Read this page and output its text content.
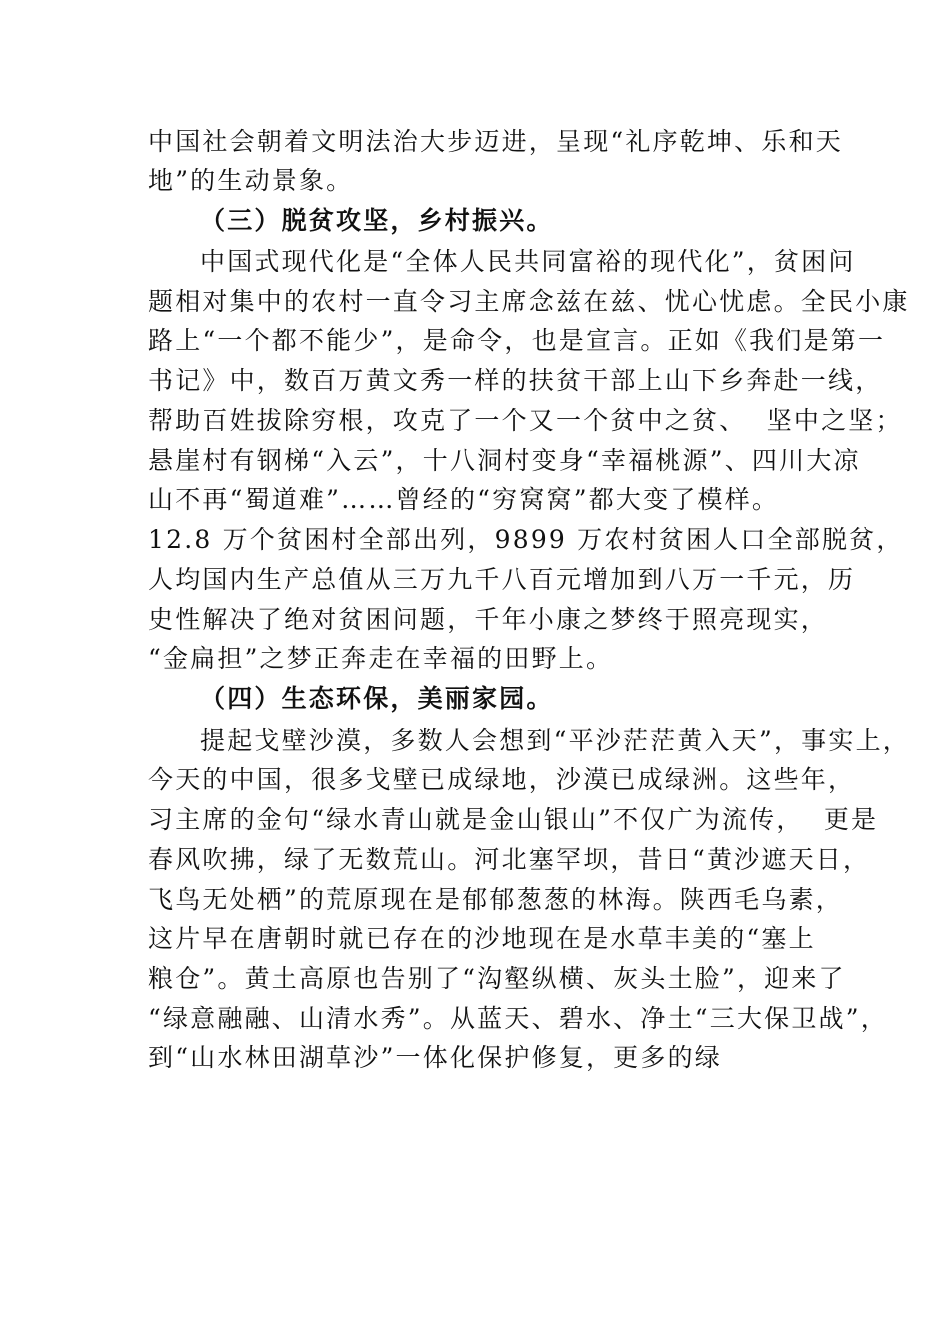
中国社会朝着文明法治大步迈进，呈现“礼序乾坤、乐和天
地”的生动景象。
（三）脱贫攻坚，乡村振兴。
中国式现代化是“全体人民共同富裕的现代化”，贫困问
题相对集中的农村一直令习主席念兹在兹、忧心忧虑。全民小康
路上“一个都不能少”，是命令，也是宣言。正如《我们是第一
书记》中，数百万黄文秀一样的扶贫干部上山下乡奔赴一线，
帮助百姓拔除穷根，攻克了一个又一个贫中之贫、  坚中之坚；
悬崖村有钢梯“入云”，十八洞村变身“幸福桃源”、四川大凉
山不再“蜀道难”……曾经的“穷窝窝”都大变了模样。
12.8 万个贫困村全部出列，9899 万农村贫困人口全部脱贫，
人均国内生产总值从三万九千八百元增加到八万一千元，历
史性解决了绝对贫困问题，千年小康之梦终于照亮现实，
“金扁担”之梦正奔走在幸福的田野上。
（四）生态环保，美丽家园。
提起戈壁沙漠，多数人会想到“平沙茫茫黄入天”，事实上，
今天的中国，很多戈壁已成绿地，沙漠已成绿洲。这些年，
习主席的金句“绿水青山就是金山银山”不仅广为流传，  更是
春风吹拂，绿了无数荒山。河北塞罕坝，昔日“黄沙遮天日，
飞鸟无处栖”的荒原现在是郁郁葱葱的林海。陕西毛乌素，
这片早在唐朝时就已存在的沙地现在是水草丰美的“塞上
粮仓”。黄土高原也告别了“沟壑纵横、灰头土脸”，迎来了
“绿意融融、山清水秀”。从蓝天、碧水、净土“三大保卫战”，
到“山水林田湖草沙”一体化保护修复，更多的绿
